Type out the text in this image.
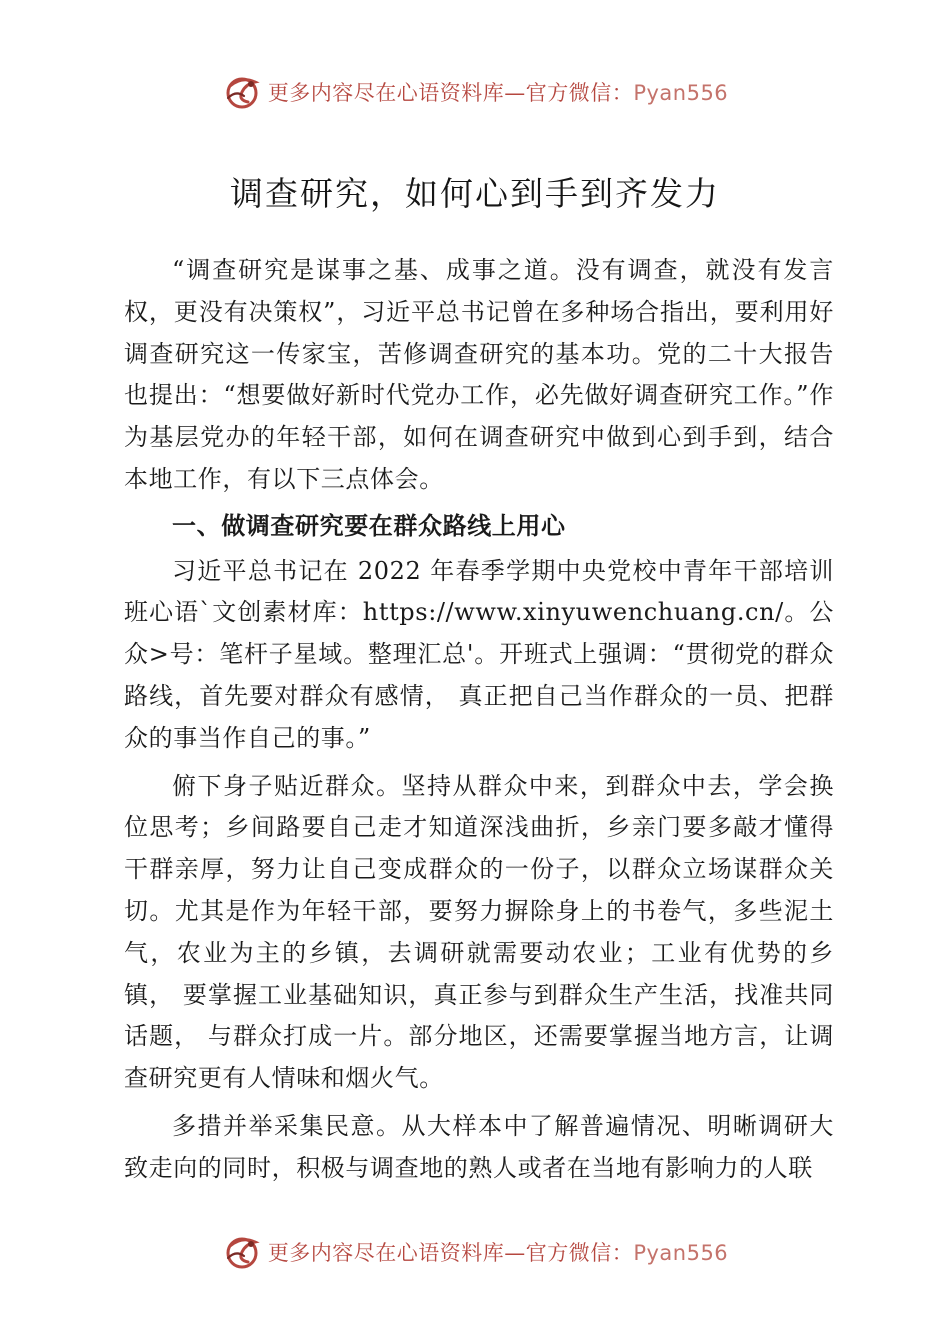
更多内容尽在心语资料库—官方微信：Pyan556
调查研究，如何心到手到齐发力

“调查研究是谋事之基、成事之道。没有调查，就没有发言权，更没有决策权”，习近平总书记曾在多种场合指出，要利用好调查研究这一传家宝，苦修调查研究的基本功。党的二十大报告也提出：“想要做好新时代党办工作，必先做好调查研究工作。”作为基层党办的年轻干部，如何在调查研究中做到心到手到，结合本地工作，有以下三点体会。

一、做调查研究要在群众路线上用心

习近平总书记在 2022 年春季学期中央党校中青年干部培训班心语`文创素材库：https://www.xinyuwenchuang.cn/。公众>号：笔杆子星域。整理汇总'。开班式上强调：“贯彻党的群众路线，首先要对群众有感情， 真正把自己当作群众的一员、把群众的事当作自己的事。”

俯下身子贴近群众。坚持从群众中来，到群众中去，学会换位思考；乡间路要自己走才知道深浅曲折，乡亲门要多敲才懂得干群亲厚，努力让自己变成群众的一份子，以群众立场谋群众关切。尤其是作为年轻干部，要努力摒除身上的书卷气，多些泥土气，农业为主的乡镇，去调研就需要动农业；工业有优势的乡镇， 要掌握工业基础知识，真正参与到群众生产生活，找准共同话题， 与群众打成一片。部分地区，还需要掌握当地方言，让调查研究更有人情味和烟火气。

多措并举采集民意。从大样本中了解普遍情况、明晰调研大致走向的同时，积极与调查地的熟人或者在当地有影响力的人联

更多内容尽在心语资料库—官方微信：Pyan556
